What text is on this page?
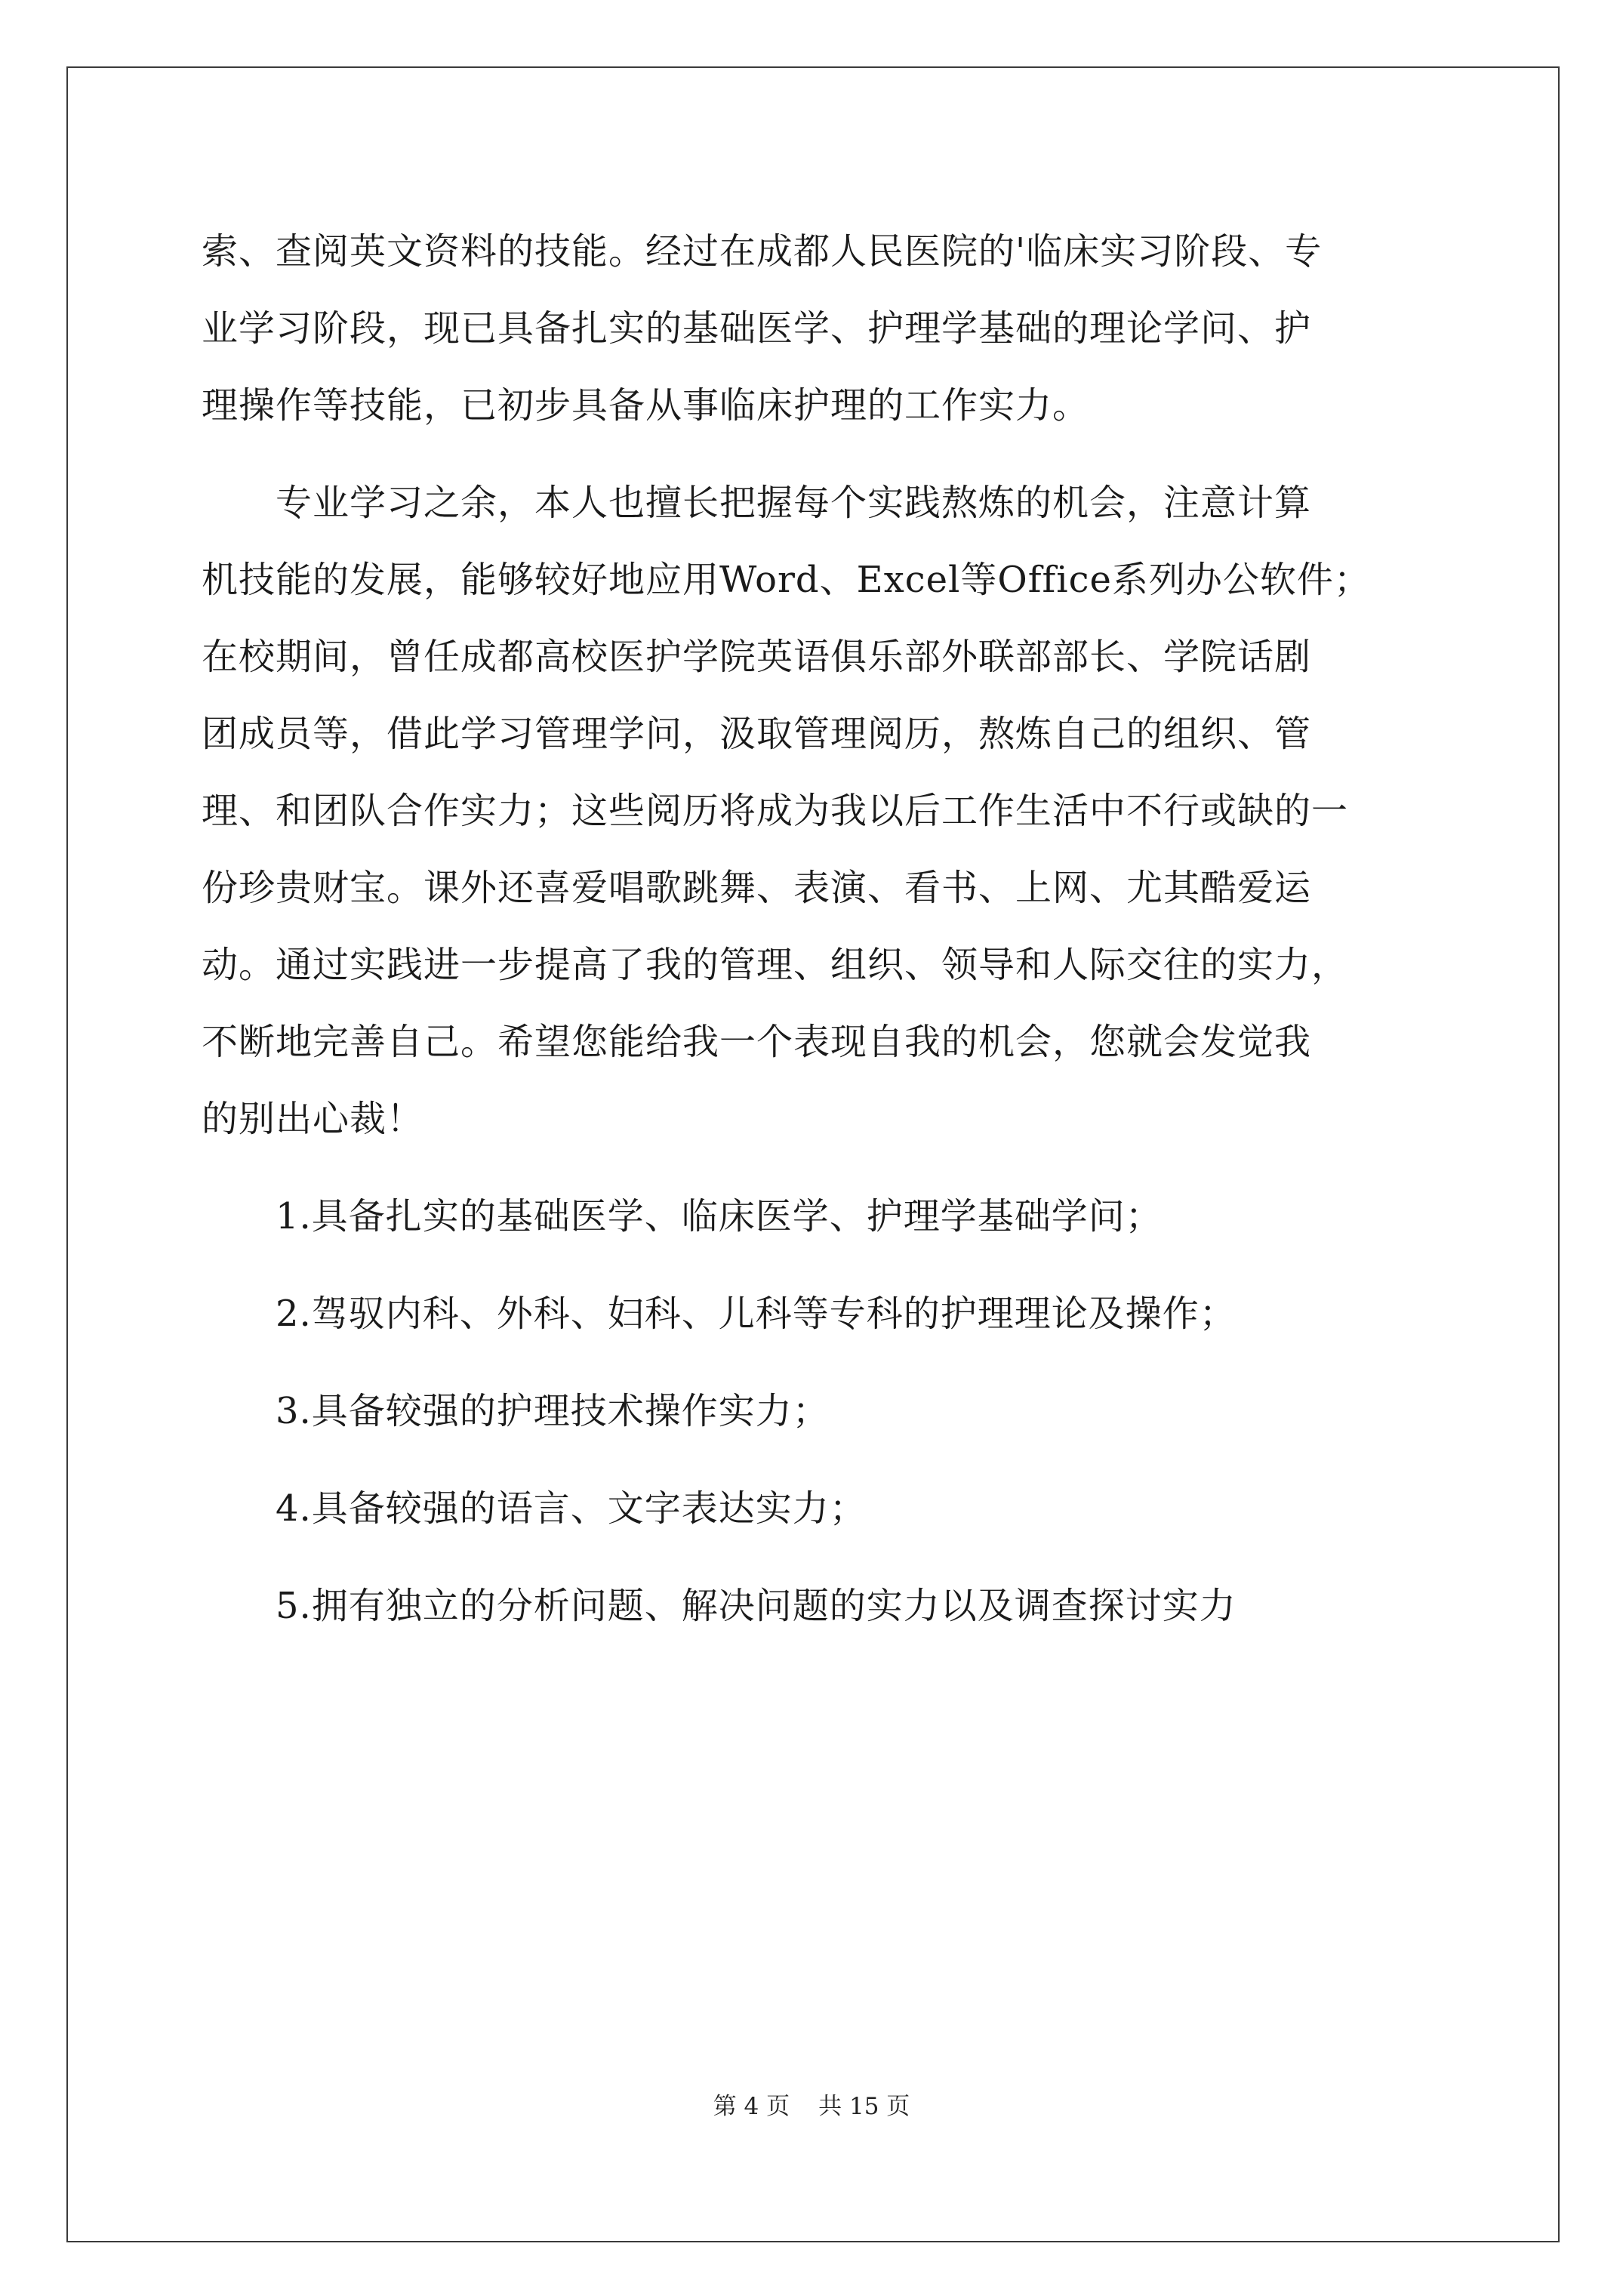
索、查阅英文资料的技能。经过在成都人民医院的'临床实习阶段、专
业学习阶段，现已具备扎实的基础医学、护理学基础的理论学问、护
理操作等技能，已初步具备从事临床护理的工作实力。
专业学习之余，本人也擅长把握每个实践熬炼的机会，注意计算
机技能的发展，能够较好地应用Word、Excel等Office系列办公软件；
在校期间，曾任成都高校医护学院英语俱乐部外联部部长、学院话剧
团成员等，借此学习管理学问，汲取管理阅历，熬炼自己的组织、管
理、和团队合作实力；这些阅历将成为我以后工作生活中不行或缺的一
份珍贵财宝。课外还喜爱唱歌跳舞、表演、看书、上网、尤其酷爱运
动。通过实践进一步提高了我的管理、组织、领导和人际交往的实力，
不断地完善自己。希望您能给我一个表现自我的机会，您就会发觉我
的别出心裁！
1.具备扎实的基础医学、临床医学、护理学基础学问；
2.驾驭内科、外科、妇科、儿科等专科的护理理论及操作；
3.具备较强的护理技术操作实力；
4.具备较强的语言、文字表达实力；
5.拥有独立的分析问题、解决问题的实力以及调查探讨实力
第 4 页 共 15 页
